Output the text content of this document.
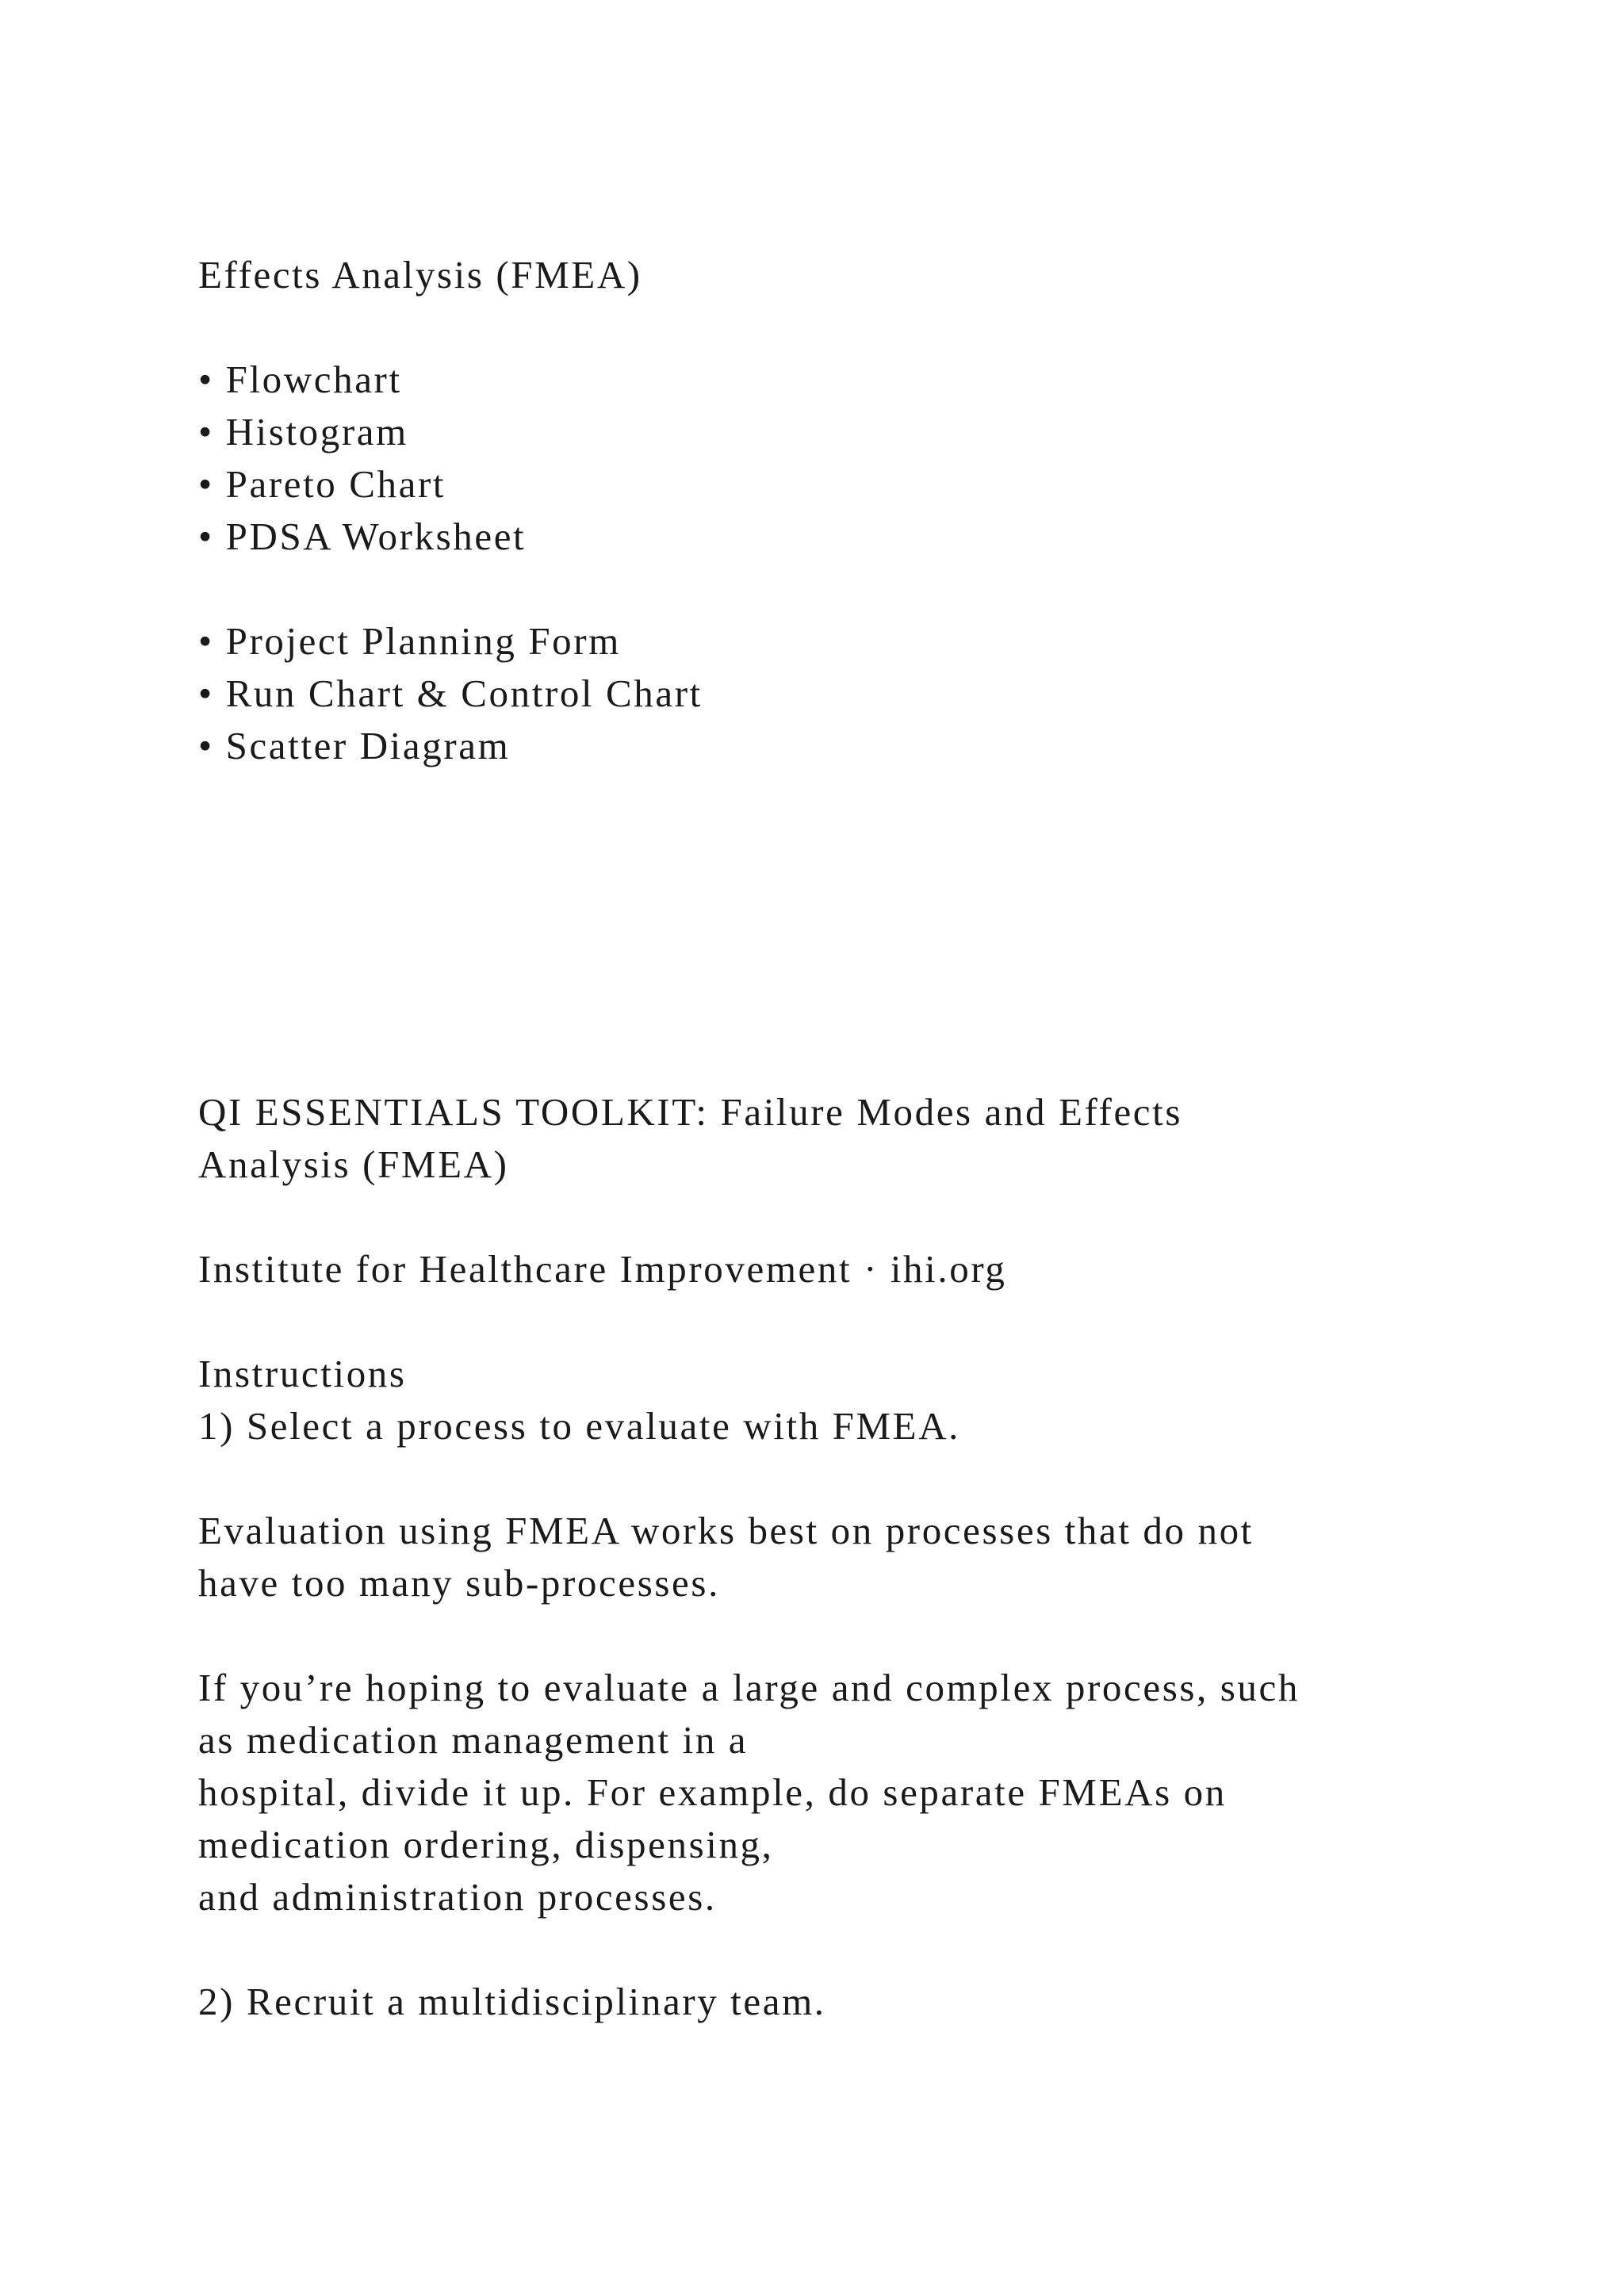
Effects Analysis (FMEA)
• Flowchart
• Histogram
• Pareto Chart
• PDSA Worksheet
• Project Planning Form
• Run Chart & Control Chart
• Scatter Diagram
QI ESSENTIALS TOOLKIT: Failure Modes and Effects
Analysis (FMEA)
Institute for Healthcare Improvement · ihi.org
Instructions
1) Select a process to evaluate with FMEA.
Evaluation using FMEA works best on processes that do not
have too many sub-processes.
If you’re hoping to evaluate a large and complex process, such
as medication management in a
hospital, divide it up. For example, do separate FMEAs on
medication ordering, dispensing,
and administration processes.
2) Recruit a multidisciplinary team.
